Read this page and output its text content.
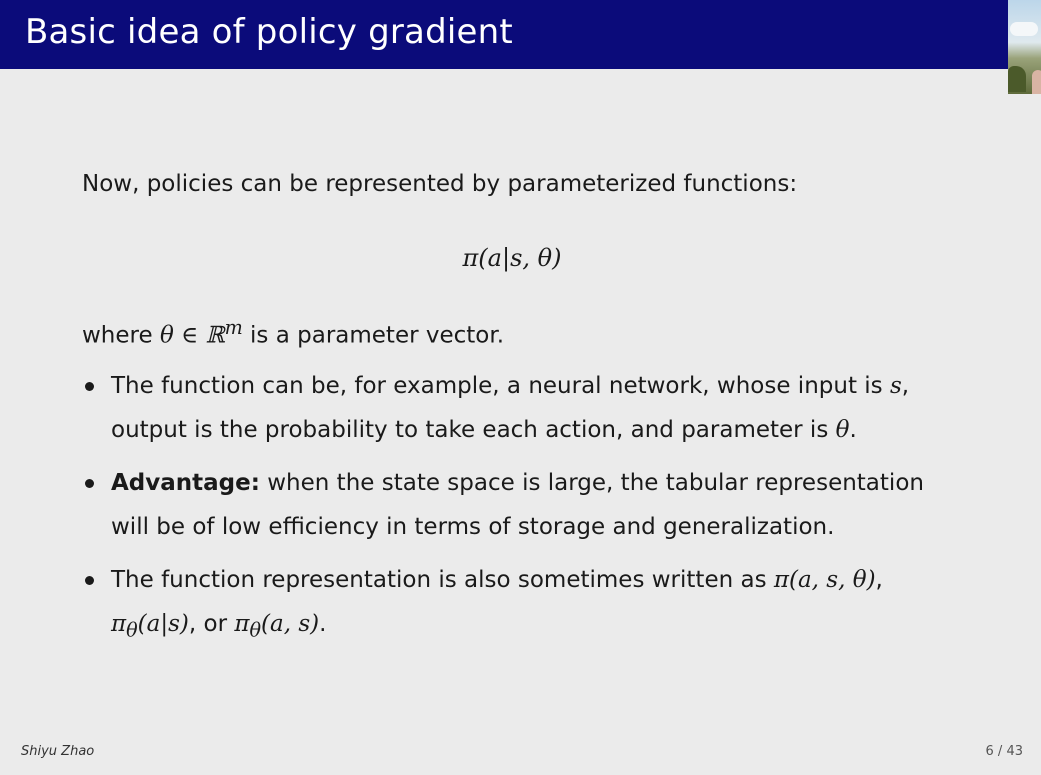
Basic idea of policy gradient

Now, policies can be represented by parameterized functions:

π(a|s, θ)

where θ ∈ ℝ$^m$ is a parameter vector.

The function can be, for example, a neural network, whose input is s, output is the probability to take each action, and parameter is θ.
Advantage: when the state space is large, the tabular representation will be of low efficiency in terms of storage and generalization.
The function representation is also sometimes written as π(a, s, θ), $\pi_\theta(a|s)$, or $\pi_\theta(a$, s).
Shiyu Zhao	6 / 43
